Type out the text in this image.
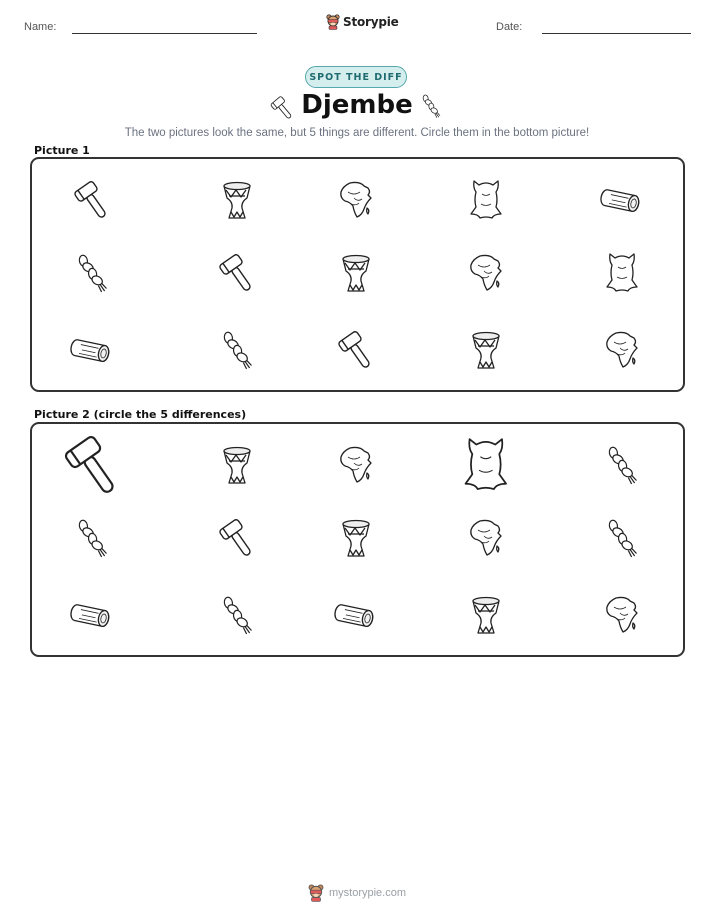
Name:	Storypie	Date:
SPOT THE DIFF
Djembe
The two pictures look the same, but 5 things are different. Circle them in the bottom picture!
Picture 1
Picture 2 (circle the 5 differences)
mystorypie.com
